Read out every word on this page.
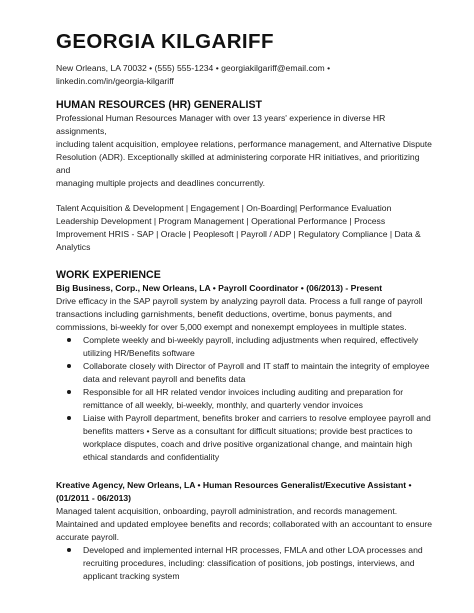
GEORGIA KILGARIFF
New Orleans, LA 70032 • (555) 555-1234 • georgiakilgariff@email.com •
linkedin.com/in/georgia-kilgariff
HUMAN RESOURCES (HR) GENERALIST
Professional Human Resources Manager with over 13 years' experience in diverse HR assignments,
including talent acquisition, employee relations, performance management, and Alternative Dispute
Resolution (ADR). Exceptionally skilled at administering corporate HR initiatives, and prioritizing and
managing multiple projects and deadlines concurrently.
Talent Acquisition & Development | Engagement | On-Boarding| Performance Evaluation
Leadership Development | Program Management | Operational Performance | Process
Improvement HRIS - SAP | Oracle | Peoplesoft | Payroll / ADP | Regulatory Compliance | Data &
Analytics
WORK EXPERIENCE
Big Business, Corp., New Orleans, LA • Payroll Coordinator • (06/2013) - Present
Drive efficacy in the SAP payroll system by analyzing payroll data. Process a full range of payroll
transactions including garnishments, benefit deductions, overtime, bonus payments, and
commissions, bi-weekly for over 5,000 exempt and nonexempt employees in multiple states.
Complete weekly and bi-weekly payroll, including adjustments when required, effectively
utilizing HR/Benefits software
Collaborate closely with Director of Payroll and IT staff to maintain the integrity of employee
data and relevant payroll and benefits data
Responsible for all HR related vendor invoices including auditing and preparation for
remittance of all weekly, bi-weekly, monthly, and quarterly vendor invoices
Liaise with Payroll department, benefits broker and carriers to resolve employee payroll and
benefits matters • Serve as a consultant for difficult situations; provide best practices to
workplace disputes, coach and drive positive organizational change, and maintain high
ethical standards and confidentiality
Kreative Agency, New Orleans, LA • Human Resources Generalist/Executive Assistant •
(01/2011 - 06/2013)
Managed talent acquisition, onboarding, payroll administration, and records management.
Maintained and updated employee benefits and records; collaborated with an accountant to ensure
accurate payroll.
Developed and implemented internal HR processes, FMLA and other LOA processes and
recruiting procedures, including: classification of positions, job postings, interviews, and
applicant tracking system
